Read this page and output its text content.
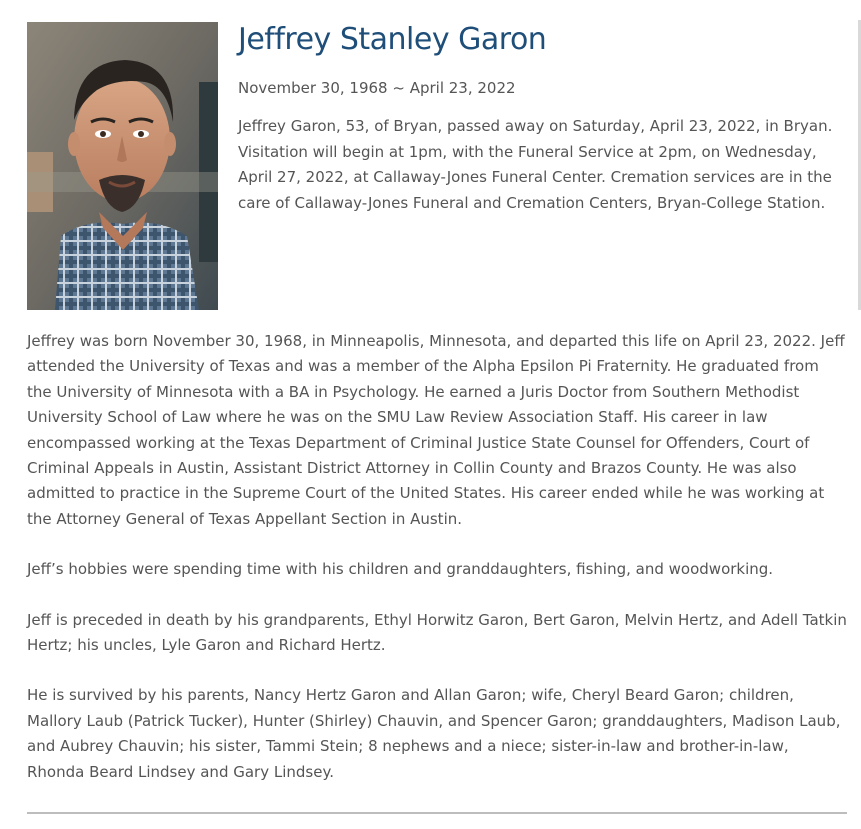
Jeffrey Stanley Garon
November 30, 1968 ~ April 23, 2022
Jeffrey Garon, 53, of Bryan, passed away on Saturday, April 23, 2022, in Bryan. Visitation will begin at 1pm, with the Funeral Service at 2pm, on Wednesday, April 27, 2022, at Callaway-Jones Funeral Center. Cremation services are in the care of Callaway-Jones Funeral and Cremation Centers, Bryan-College Station.

Jeffrey was born November 30, 1968, in Minneapolis, Minnesota, and departed this life on April 23, 2022. Jeff attended the University of Texas and was a member of the Alpha Epsilon Pi Fraternity. He graduated from the University of Minnesota with a BA in Psychology. He earned a Juris Doctor from Southern Methodist University School of Law where he was on the SMU Law Review Association Staff. His career in law encompassed working at the Texas Department of Criminal Justice State Counsel for Offenders, Court of Criminal Appeals in Austin, Assistant District Attorney in Collin County and Brazos County. He was also admitted to practice in the Supreme Court of the United States. His career ended while he was working at the Attorney General of Texas Appellant Section in Austin.

Jeff’s hobbies were spending time with his children and granddaughters, fishing, and woodworking.

Jeff is preceded in death by his grandparents, Ethyl Horwitz Garon, Bert Garon, Melvin Hertz, and Adell Tatkin Hertz; his uncles, Lyle Garon and Richard Hertz.

He is survived by his parents, Nancy Hertz Garon and Allan Garon; wife, Cheryl Beard Garon; children, Mallory Laub (Patrick Tucker), Hunter (Shirley) Chauvin, and Spencer Garon; granddaughters, Madison Laub, and Aubrey Chauvin; his sister, Tammi Stein; 8 nephews and a niece; sister-in-law and brother-in-law, Rhonda Beard Lindsey and Gary Lindsey.
